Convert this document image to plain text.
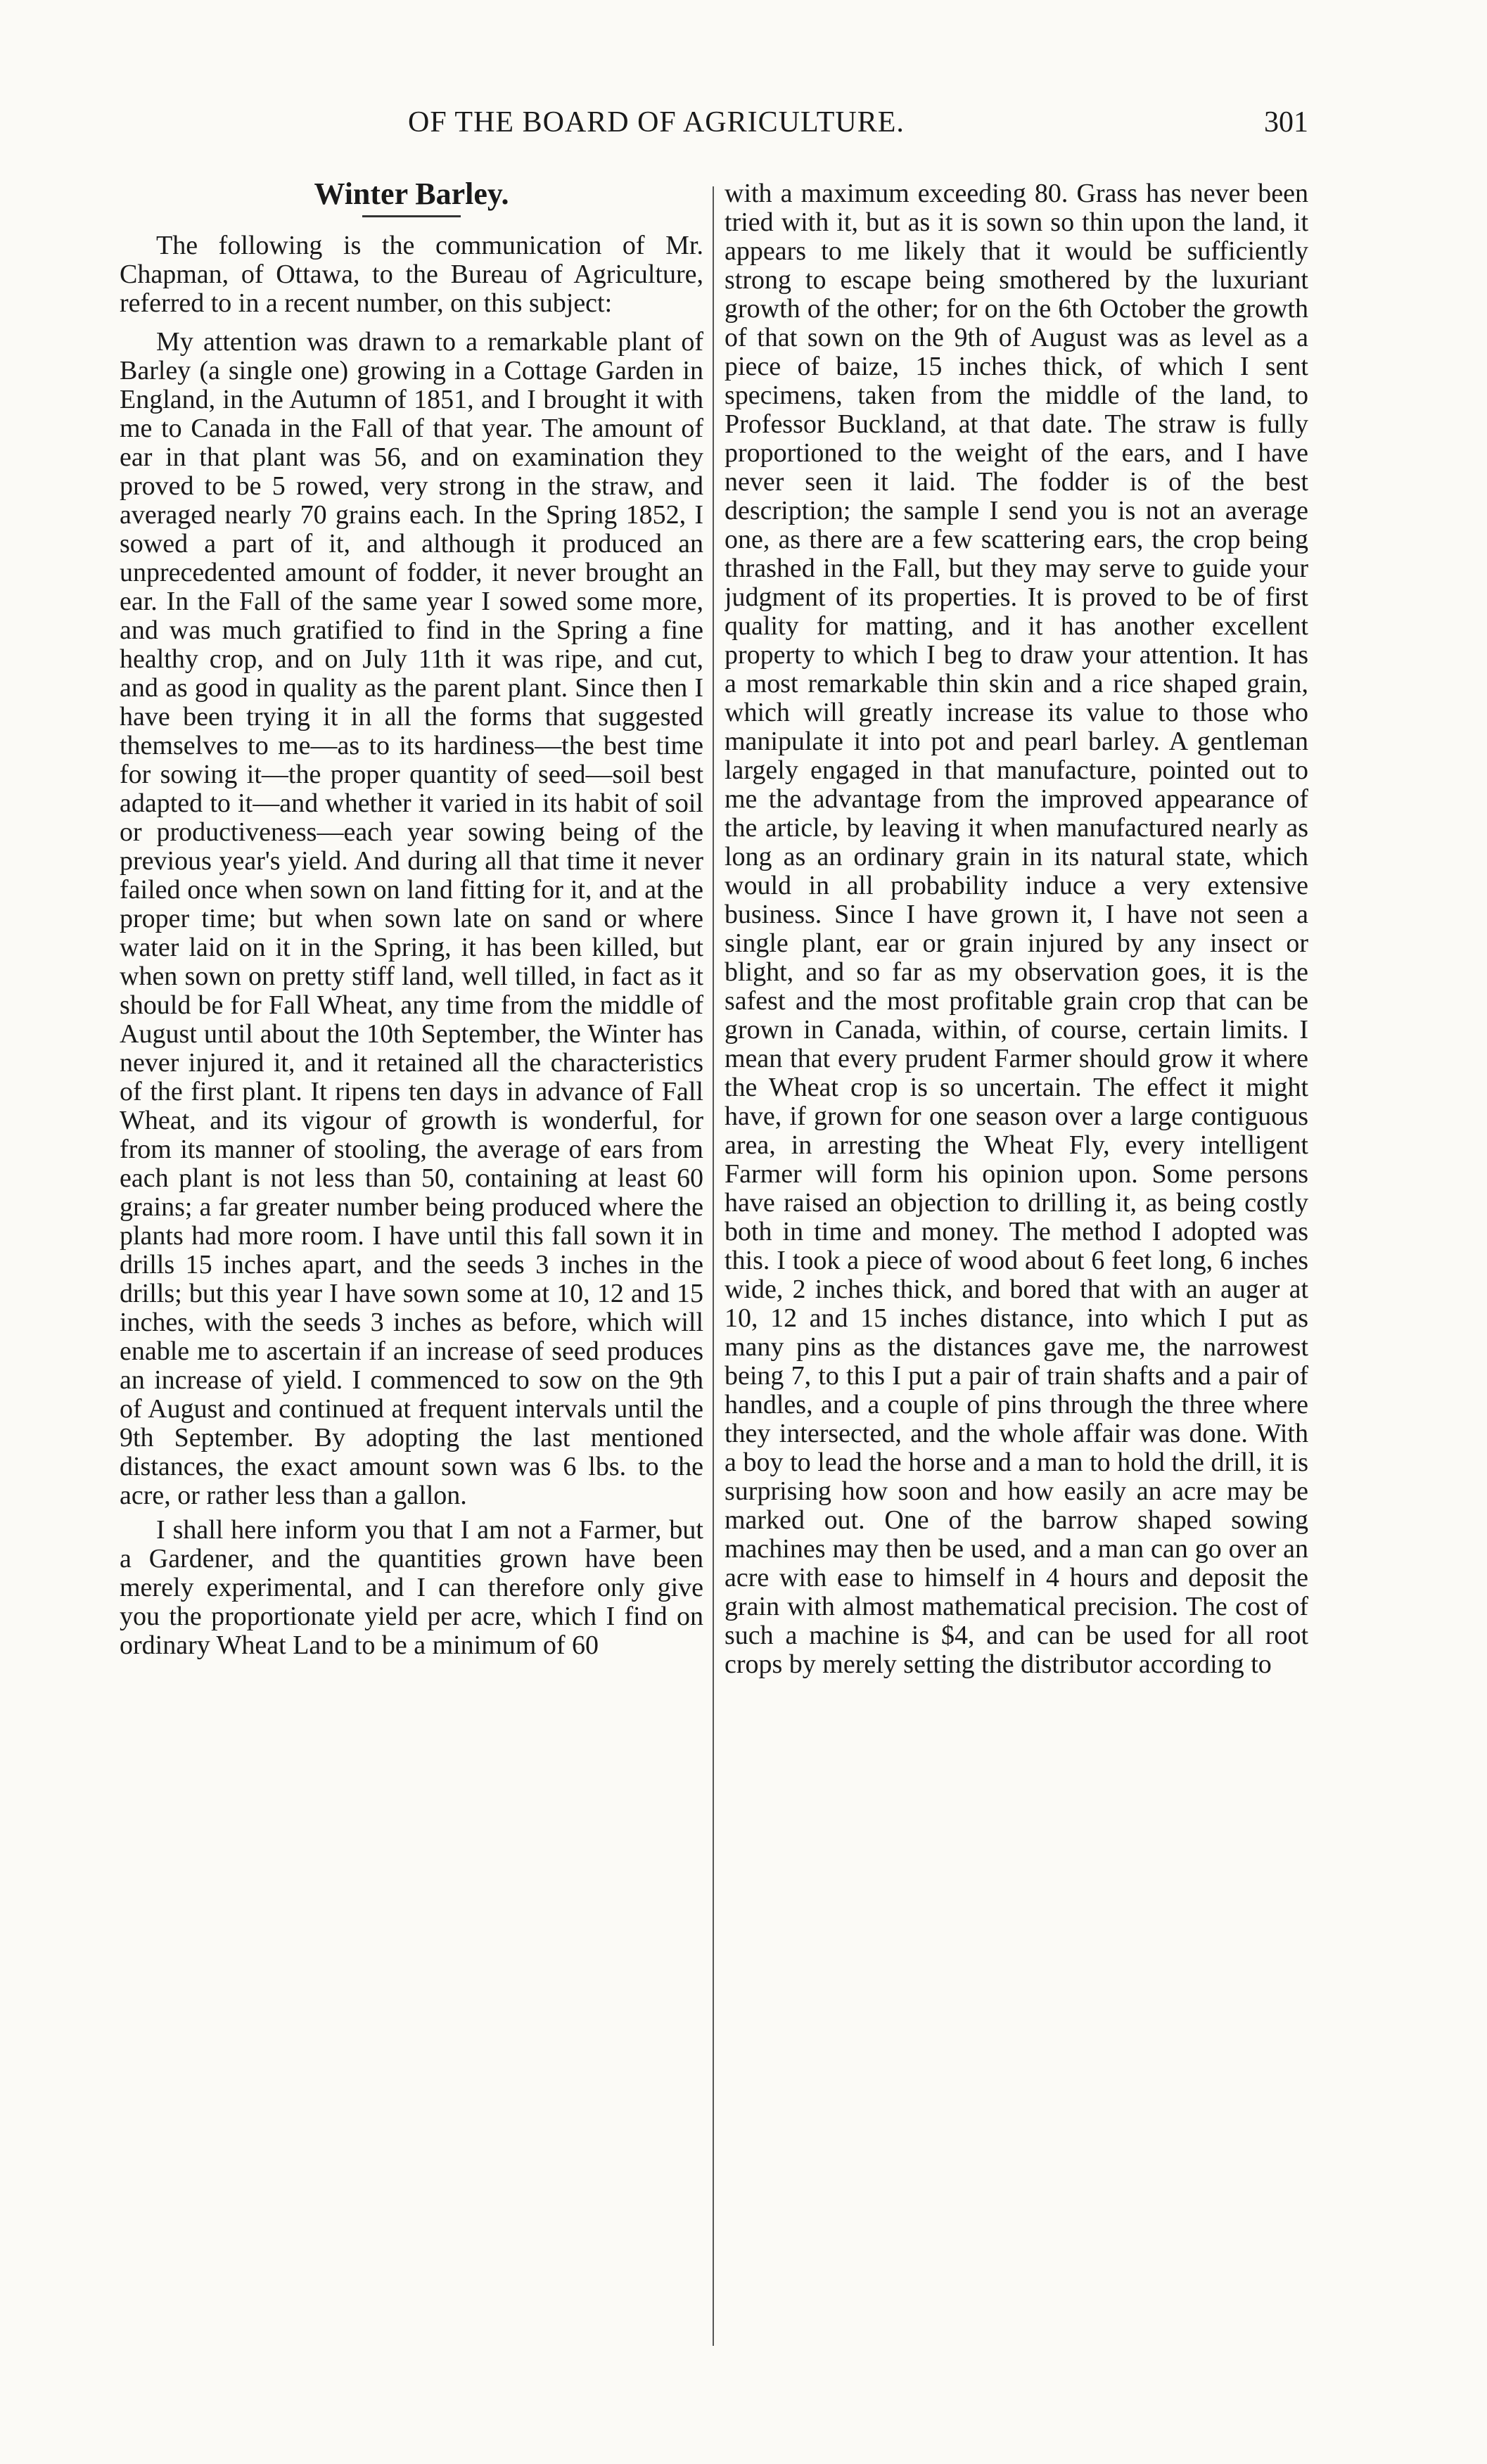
OF THE BOARD OF AGRICULTURE.	301
Winter Barley.

The following is the communication of Mr. Chapman, of Ottawa, to the Bureau of Agriculture, referred to in a recent number, on this subject:

My attention was drawn to a remarkable plant of Barley (a single one) growing in a Cottage Garden in England, in the Autumn of 1851, and I brought it with me to Canada in the Fall of that year. The amount of ear in that plant was 56, and on examination they proved to be 5 rowed, very strong in the straw, and averaged nearly 70 grains each. In the Spring 1852, I sowed a part of it, and although it produced an unprecedented amount of fodder, it never brought an ear. In the Fall of the same year I sowed some more, and was much gratified to find in the Spring a fine healthy crop, and on July 11th it was ripe, and cut, and as good in quality as the parent plant. Since then I have been trying it in all the forms that suggested themselves to me—as to its hardiness—the best time for sowing it—the proper quantity of seed—soil best adapted to it—and whether it varied in its habit of soil or productiveness—each year sowing being of the previous year's yield. And during all that time it never failed once when sown on land fitting for it, and at the proper time; but when sown late on sand or where water laid on it in the Spring, it has been killed, but when sown on pretty stiff land, well tilled, in fact as it should be for Fall Wheat, any time from the middle of August until about the 10th September, the Winter has never injured it, and it retained all the characteristics of the first plant. It ripens ten days in advance of Fall Wheat, and its vigour of growth is wonderful, for from its manner of stooling, the average of ears from each plant is not less than 50, containing at least 60 grains; a far greater number being produced where the plants had more room. I have until this fall sown it in drills 15 inches apart, and the seeds 3 inches in the drills; but this year I have sown some at 10, 12 and 15 inches, with the seeds 3 inches as before, which will enable me to ascertain if an increase of seed produces an increase of yield. I commenced to sow on the 9th of August and continued at frequent intervals until the 9th September. By adopting the last mentioned distances, the exact amount sown was 6 lbs. to the acre, or rather less than a gallon.

I shall here inform you that I am not a Farmer, but a Gardener, and the quantities grown have been merely experimental, and I can therefore only give you the proportionate yield per acre, which I find on ordinary Wheat Land to be a minimum of 60

with a maximum exceeding 80. Grass has never been tried with it, but as it is sown so thin upon the land, it appears to me likely that it would be sufficiently strong to escape being smothered by the luxuriant growth of the other; for on the 6th October the growth of that sown on the 9th of August was as level as a piece of baize, 15 inches thick, of which I sent specimens, taken from the middle of the land, to Professor Buckland, at that date. The straw is fully proportioned to the weight of the ears, and I have never seen it laid. The fodder is of the best description; the sample I send you is not an average one, as there are a few scattering ears, the crop being thrashed in the Fall, but they may serve to guide your judgment of its properties. It is proved to be of first quality for matting, and it has another excellent property to which I beg to draw your attention. It has a most remarkable thin skin and a rice shaped grain, which will greatly increase its value to those who manipulate it into pot and pearl barley. A gentleman largely engaged in that manufacture, pointed out to me the advantage from the improved appearance of the article, by leaving it when manufactured nearly as long as an ordinary grain in its natural state, which would in all probability induce a very extensive business. Since I have grown it, I have not seen a single plant, ear or grain injured by any insect or blight, and so far as my observation goes, it is the safest and the most profitable grain crop that can be grown in Canada, within, of course, certain limits. I mean that every prudent Farmer should grow it where the Wheat crop is so uncertain. The effect it might have, if grown for one season over a large contiguous area, in arresting the Wheat Fly, every intelligent Farmer will form his opinion upon. Some persons have raised an objection to drilling it, as being costly both in time and money. The method I adopted was this. I took a piece of wood about 6 feet long, 6 inches wide, 2 inches thick, and bored that with an auger at 10, 12 and 15 inches distance, into which I put as many pins as the distances gave me, the narrowest being 7, to this I put a pair of train shafts and a pair of handles, and a couple of pins through the three where they intersected, and the whole affair was done. With a boy to lead the horse and a man to hold the drill, it is surprising how soon and how easily an acre may be marked out. One of the barrow shaped sowing machines may then be used, and a man can go over an acre with ease to himself in 4 hours and deposit the grain with almost mathematical precision. The cost of such a machine is $4, and can be used for all root crops by merely setting the distributor according to
